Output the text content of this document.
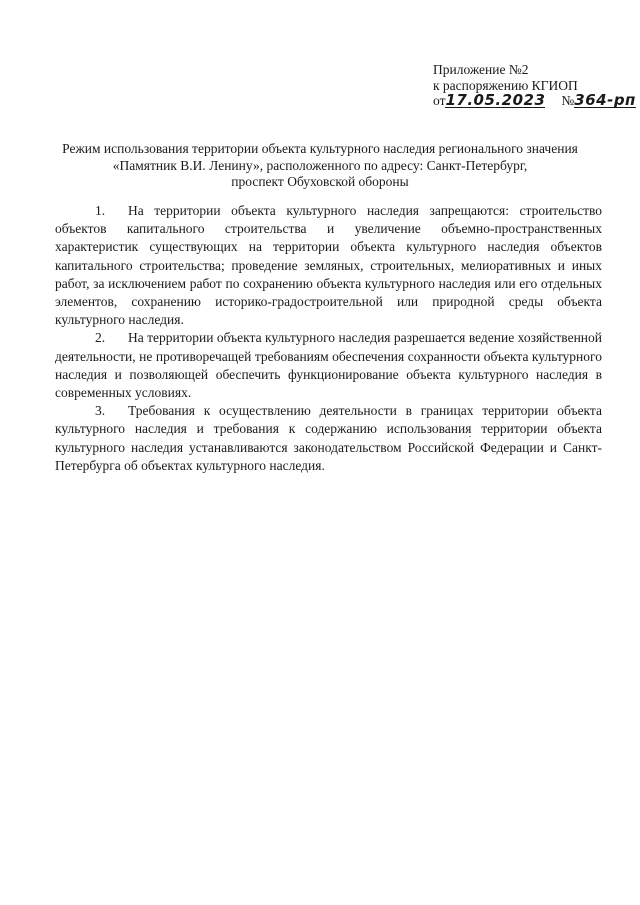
Приложение №2
к распоряжению КГИОП
от17.05.2023 №364-рп
Режим использования территории объекта культурного наследия регионального значения
«Памятник В.И. Ленину», расположенного по адресу: Санкт-Петербург,
проспект Обуховской обороны

1. На территории объекта культурного наследия запрещаются: строительство объектов капитального строительства и увеличение объемно-пространственных характеристик существующих на территории объекта культурного наследия объектов капитального строительства; проведение земляных, строительных, мелиоративных и иных работ, за исключением работ по сохранению объекта культурного наследия или его отдельных элементов, сохранению историко-градостроительной или природной среды объекта культурного наследия.

2. На территории объекта культурного наследия разрешается ведение хозяйственной деятельности, не противоречащей требованиям обеспечения сохранности объекта культурного наследия и позволяющей обеспечить функционирование объекта культурного наследия в современных условиях.

3. Требования к осуществлению деятельности в границах территории объекта культурного наследия и требования к содержанию использования территории объекта культурного наследия устанавливаются законодательством Российской Федерации и Санкт-Петербурга об объектах культурного наследия.
